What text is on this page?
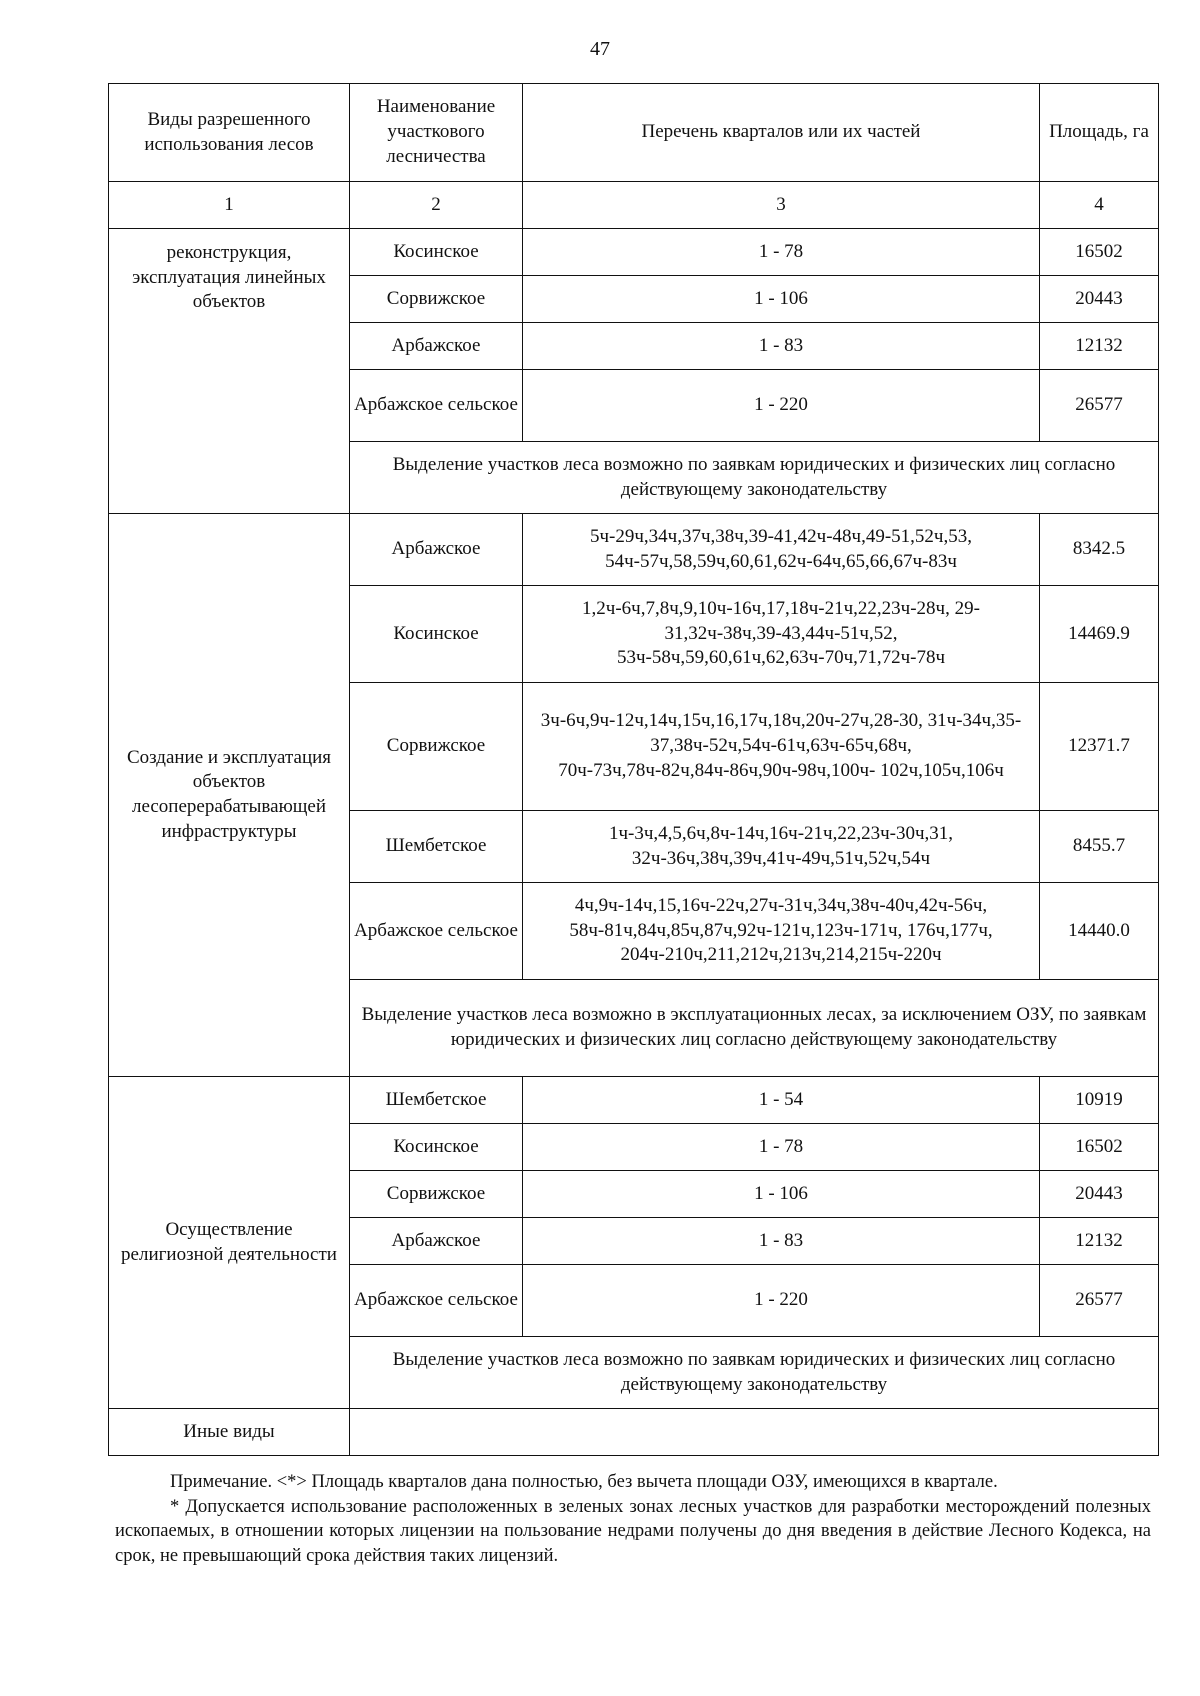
47
Виды разрешенного использования лесов	Наименование участкового лесничества	Перечень кварталов или их частей	Площадь, га
1	2	3	4
реконструкция, эксплуатация линейных объектов	Косинское	1 - 78	16502
	Сорвижское	1 - 106	20443
	Арбажское	1 - 83	12132
	Арбажское сельское	1 - 220	26577
	Выделение участков леса возможно по заявкам юридических и физических лиц согласно действующему законодательству		
Создание и эксплуатация объектов лесоперерабатывающей инфраструктуры	Арбажское	5ч-29ч,34ч,37ч,38ч,39-41,42ч-48ч,49-51,52ч,53, 54ч-57ч,58,59ч,60,61,62ч-64ч,65,66,67ч-83ч	8342.5
	Косинское	1,2ч-6ч,7,8ч,9,10ч-16ч,17,18ч-21ч,22,23ч-28ч, 29-31,32ч-38ч,39-43,44ч-51ч,52, 53ч-58ч,59,60,61ч,62,63ч-70ч,71,72ч-78ч	14469.9
	Сорвижское	3ч-6ч,9ч-12ч,14ч,15ч,16,17ч,18ч,20ч-27ч,28-30, 31ч-34ч,35-37,38ч-52ч,54ч-61ч,63ч-65ч,68ч, 70ч-73ч,78ч-82ч,84ч-86ч,90ч-98ч,100ч- 102ч,105ч,106ч	12371.7
	Шембетское	1ч-3ч,4,5,6ч,8ч-14ч,16ч-21ч,22,23ч-30ч,31, 32ч-36ч,38ч,39ч,41ч-49ч,51ч,52ч,54ч	8455.7
	Арбажское сельское	4ч,9ч-14ч,15,16ч-22ч,27ч-31ч,34ч,38ч-40ч,42ч-56ч, 58ч-81ч,84ч,85ч,87ч,92ч-121ч,123ч-171ч, 176ч,177ч, 204ч-210ч,211,212ч,213ч,214,215ч-220ч	14440.0
	Выделение участков леса возможно в эксплуатационных лесах, за исключением ОЗУ, по заявкам юридических и физических лиц согласно действующему законодательству		
Осуществление религиозной деятельности	Шембетское	1 - 54	10919
	Косинское	1 - 78	16502
	Сорвижское	1 - 106	20443
	Арбажское	1 - 83	12132
	Арбажское сельское	1 - 220	26577
	Выделение участков леса возможно по заявкам юридических и физических лиц согласно действующему законодательству		
Иные виды			

Примечание. <*> Площадь кварталов дана полностью, без вычета площади ОЗУ, имеющихся в квартале.

* Допускается использование расположенных в зеленых зонах лесных участков для разработки месторождений полезных ископаемых, в отношении которых лицензии на пользование недрами получены до дня введения в действие Лесного Кодекса, на срок, не превышающий срока действия таких лицензий.
